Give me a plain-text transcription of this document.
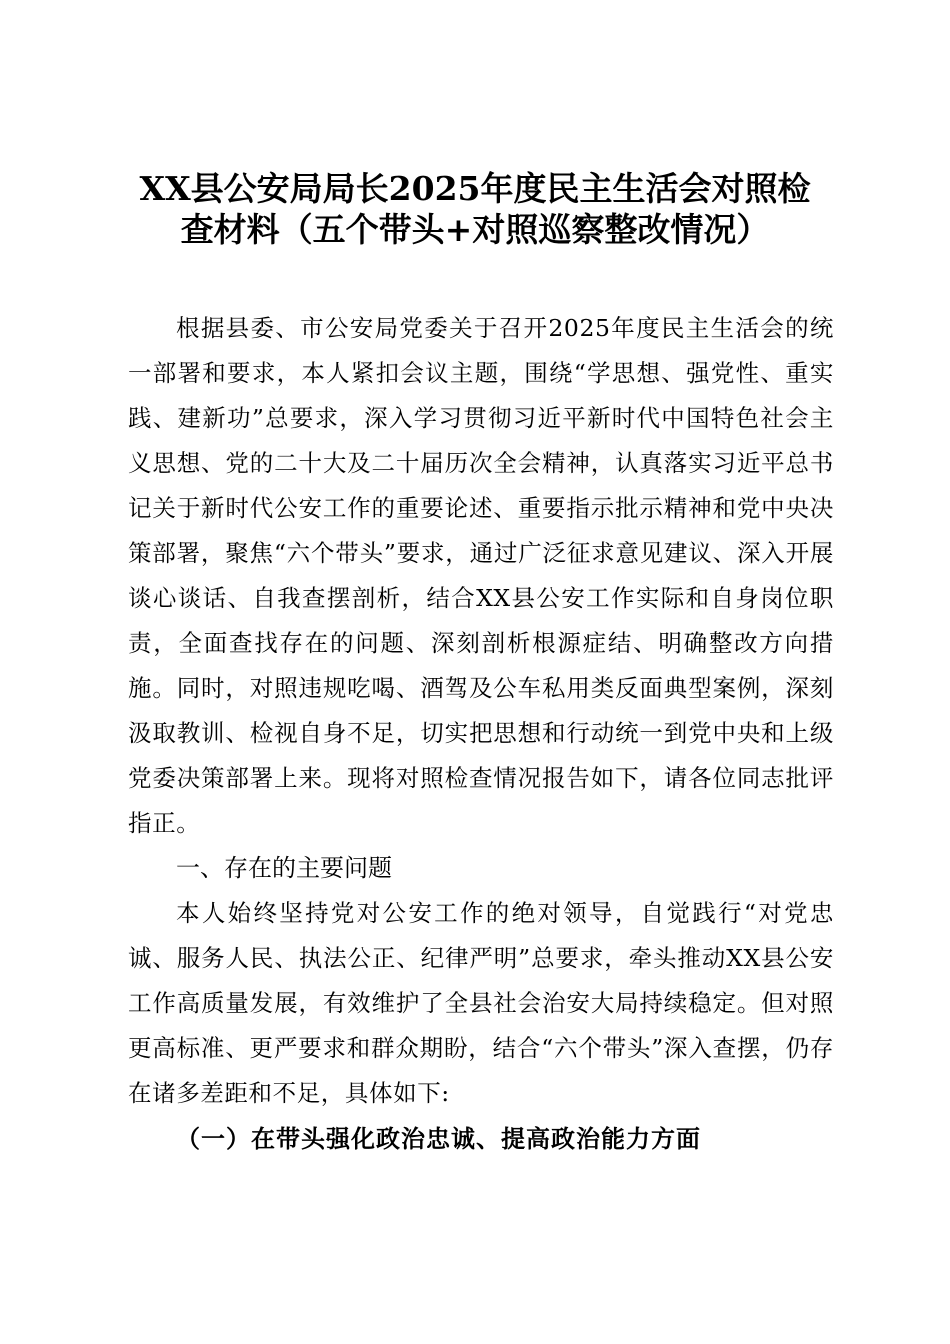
XX县公安局局长2025年度民主生活会对照检
查材料（五个带头+对照巡察整改情况）

根据县委、市公安局党委关于召开2025年度民主生活会的统一部署和要求，本人紧扣会议主题，围绕“学思想、强党性、重实践、建新功”总要求，深入学习贯彻习近平新时代中国特色社会主义思想、党的二十大及二十届历次全会精神，认真落实习近平总书记关于新时代公安工作的重要论述、重要指示批示精神和党中央决策部署，聚焦“六个带头”要求，通过广泛征求意见建议、深入开展谈心谈话、自我查摆剖析，结合XX县公安工作实际和自身岗位职责，全面查找存在的问题、深刻剖析根源症结、明确整改方向措施。同时，对照违规吃喝、酒驾及公车私用类反面典型案例，深刻汲取教训、检视自身不足，切实把思想和行动统一到党中央和上级党委决策部署上来。现将对照检查情况报告如下，请各位同志批评指正。

一、存在的主要问题

本人始终坚持党对公安工作的绝对领导，自觉践行“对党忠诚、服务人民、执法公正、纪律严明”总要求，牵头推动XX县公安工作高质量发展，有效维护了全县社会治安大局持续稳定。但对照更高标准、更严要求和群众期盼，结合“六个带头”深入查摆，仍存在诸多差距和不足，具体如下:

（一）在带头强化政治忠诚、提高政治能力方面
